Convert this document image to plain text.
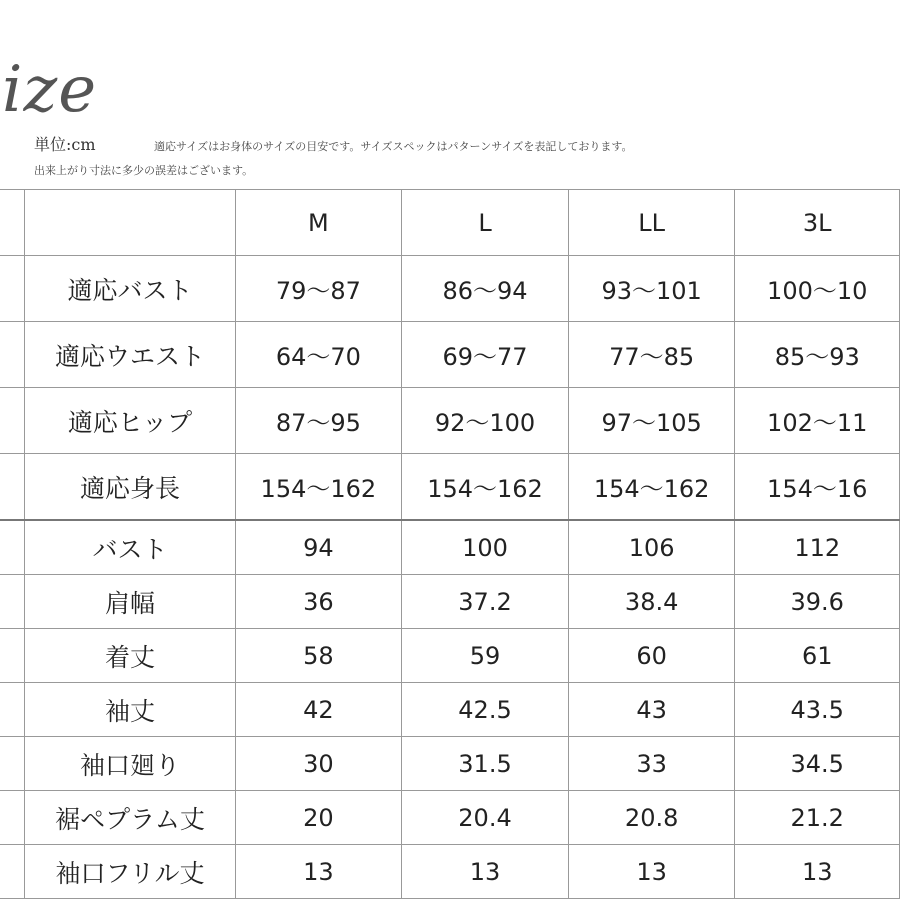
ize
単位:cm	適応サイズはお身体のサイズの目安です。サイズスペックはパターンサイズを表記しております。
出来上がり寸法に多少の誤差はございます。
		M	L	LL	3L
	適応バスト	79〜87	86〜94	93〜101	100〜10
	適応ウエスト	64〜70	69〜77	77〜85	85〜93
	適応ヒップ	87〜95	92〜100	97〜105	102〜11
	適応身長	154〜162	154〜162	154〜162	154〜16
	バスト	94	100	106	112
	肩幅	36	37.2	38.4	39.6
	着丈	58	59	60	61
	袖丈	42	42.5	43	43.5
	袖口廻り	30	31.5	33	34.5
	裾ペプラム丈	20	20.4	20.8	21.2
	袖口フリル丈	13	13	13	13
